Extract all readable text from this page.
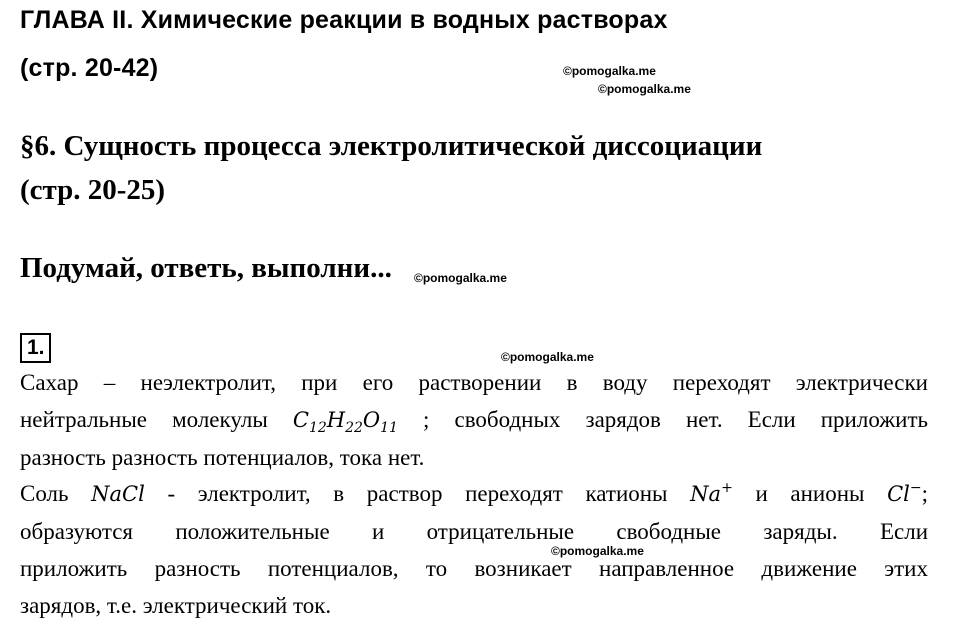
ГЛАВА II. Химические реакции в водных растворах
(стр. 20-42)	©pomogalka.me
©pomogalka.me
§6. Сущность процесса электролитической диссоциации
(стр. 20-25)
Подумай, ответь, выполни... ©pomogalka.me
1.	©pomogalka.me
Сахар – неэлектролит, при его растворении в воду переходят электрически
нейтральные молекулы $C_{12}H_{22}O_{11}$ ; свободных зарядов нет. Если приложить
разность разность потенциалов, тока нет.
Соль NaCl - электролит, в раствор переходят катионы Na+ и анионы Cl−;
образуются положительные и отрицательные свободные заряды. Если
приложить разность потенциалов, то возникает направленное движение этих
зарядов, т.е. электрический ток.
©pomogalka.me
